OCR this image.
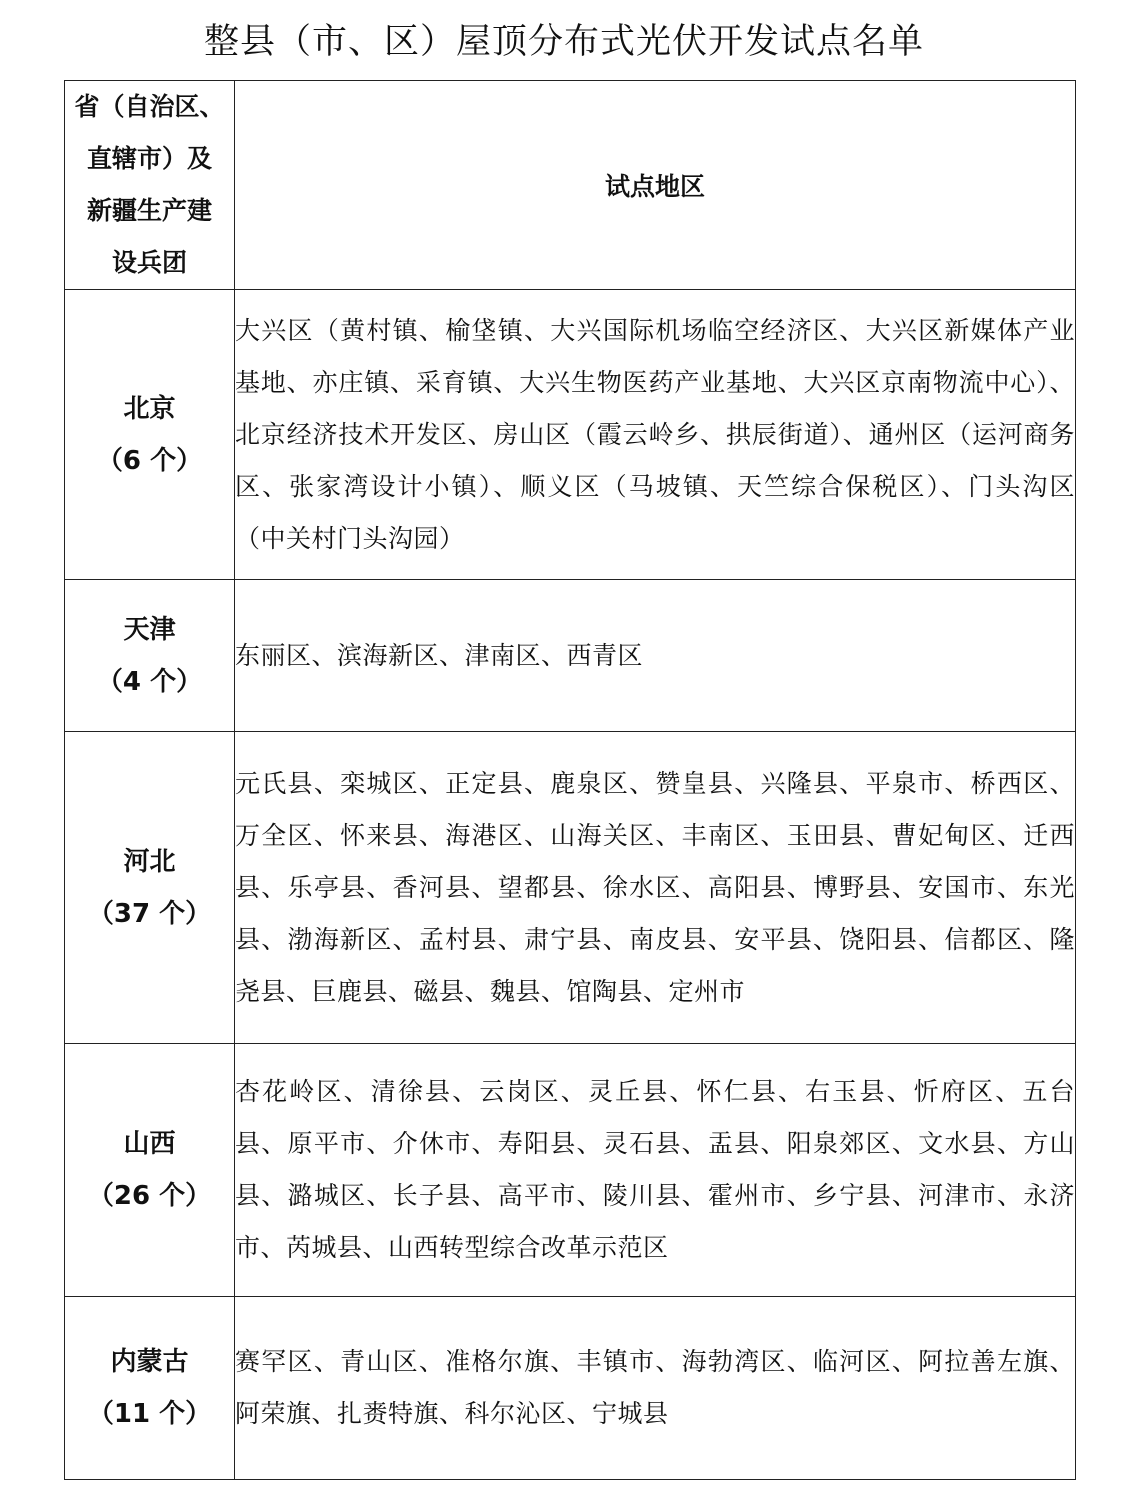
整县（市、区）屋顶分布式光伏开发试点名单
省（自治区、
直辖市）及
新疆生产建
设兵团	试点地区

北京
（6 个）	大兴区（黄村镇、榆垡镇、大兴国际机场临空经济区、大兴区新媒体产业基地、亦庄镇、采育镇、大兴生物医药产业基地、大兴区京南物流中心）、北京经济技术开发区、房山区（霞云岭乡、拱辰街道）、通州区（运河商务区、张家湾设计小镇）、顺义区（马坡镇、天竺综合保税区）、门头沟区（中关村门头沟园）

天津
（4 个）	东丽区、滨海新区、津南区、西青区

河北
（37 个）	元氏县、栾城区、正定县、鹿泉区、赞皇县、兴隆县、平泉市、桥西区、万全区、怀来县、海港区、山海关区、丰南区、玉田县、曹妃甸区、迁西县、乐亭县、香河县、望都县、徐水区、高阳县、博野县、安国市、东光县、渤海新区、孟村县、肃宁县、南皮县、安平县、饶阳县、信都区、隆尧县、巨鹿县、磁县、魏县、馆陶县、定州市

山西
（26 个）	杏花岭区、清徐县、云岗区、灵丘县、怀仁县、右玉县、忻府区、五台县、原平市、介休市、寿阳县、灵石县、盂县、阳泉郊区、文水县、方山县、潞城区、长子县、高平市、陵川县、霍州市、乡宁县、河津市、永济市、芮城县、山西转型综合改革示范区

内蒙古
（11 个）	赛罕区、青山区、准格尔旗、丰镇市、海勃湾区、临河区、阿拉善左旗、阿荣旗、扎赉特旗、科尔沁区、宁城县
